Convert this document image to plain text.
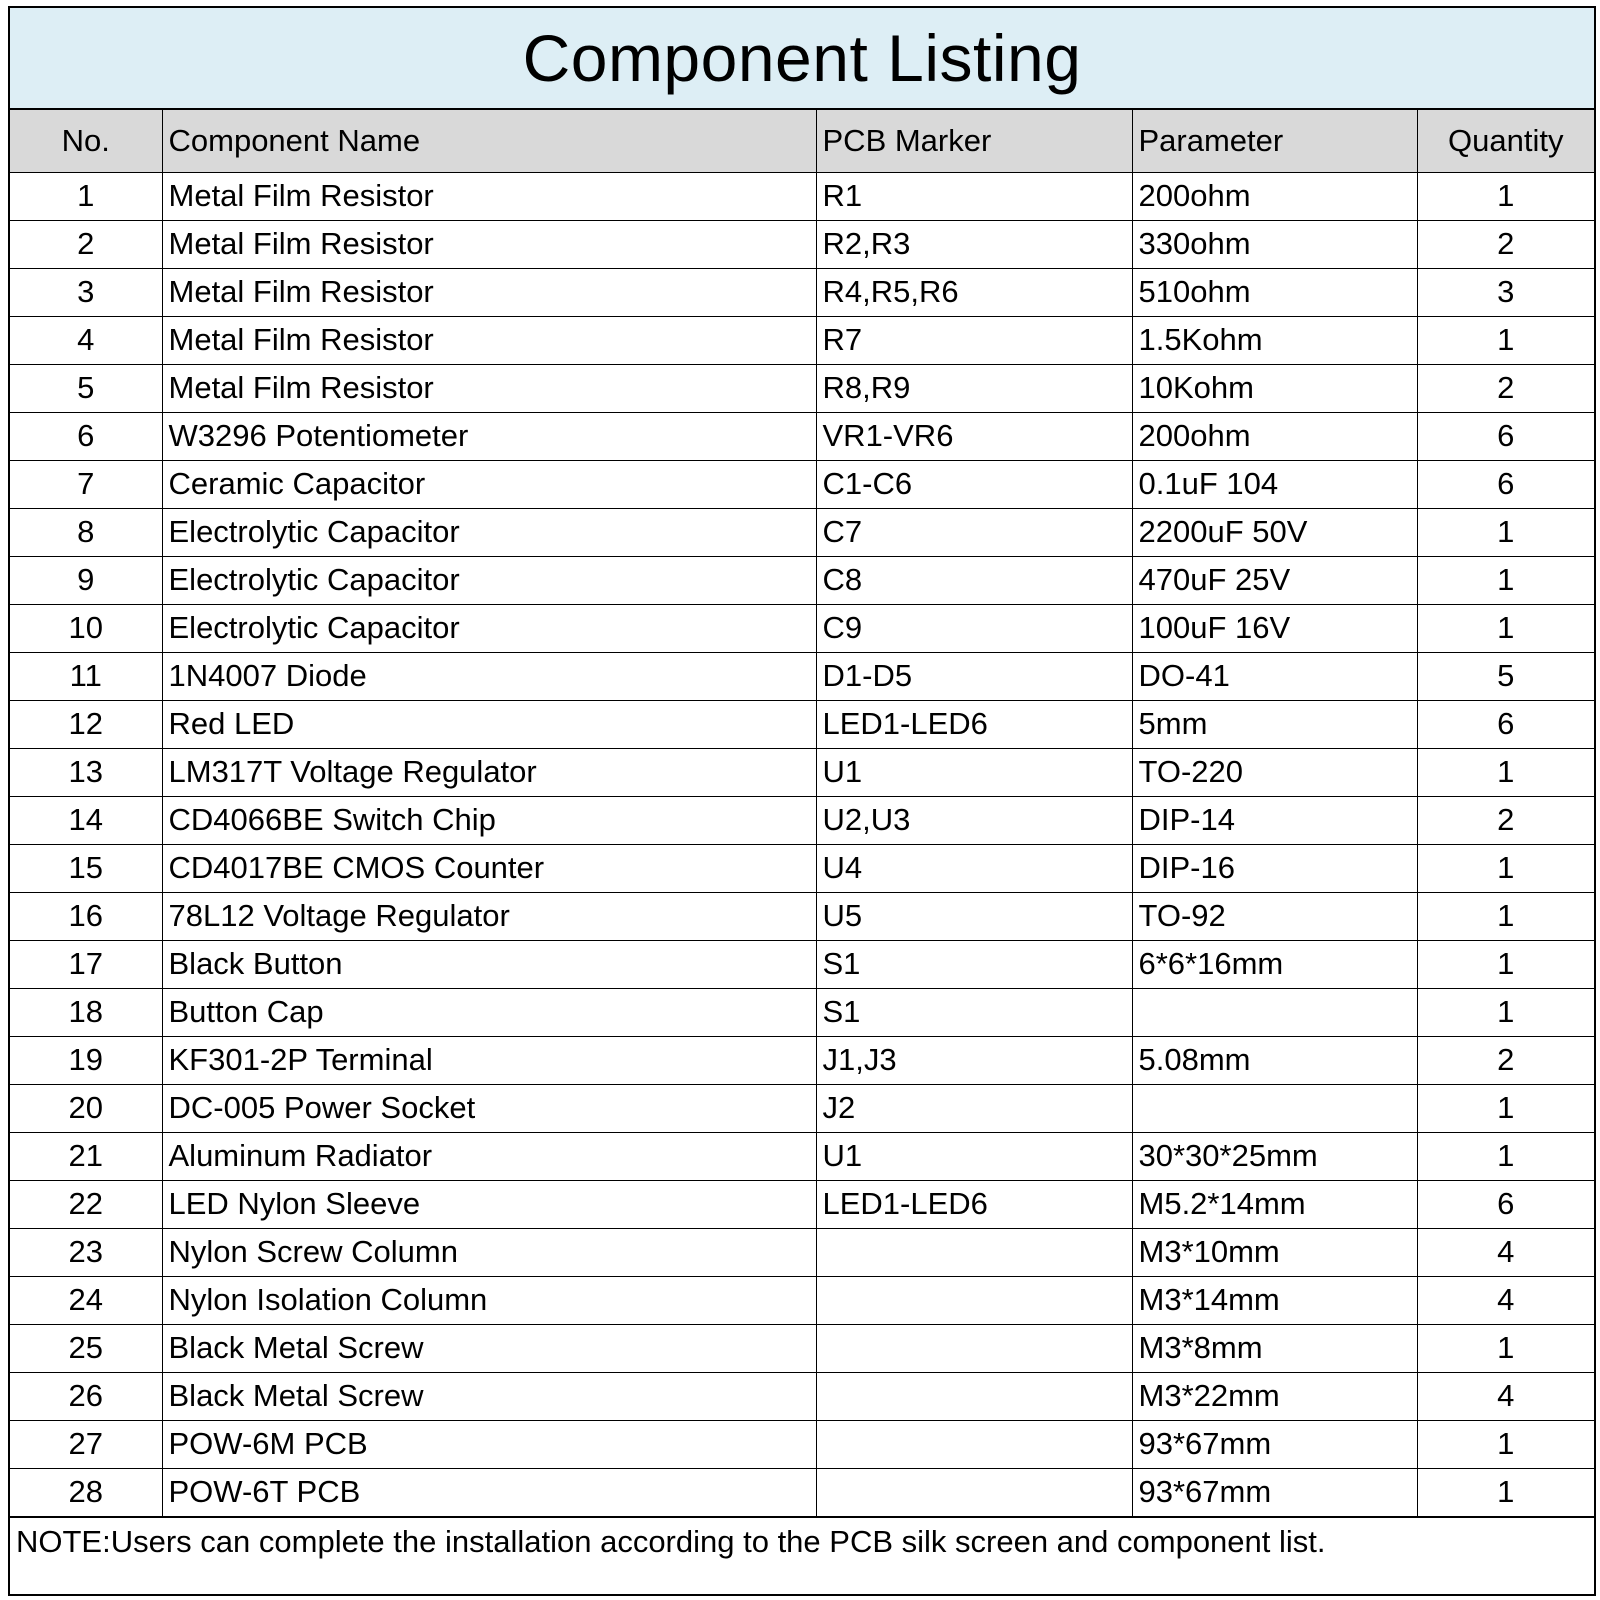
Component Listing
No.	Component Name	PCB Marker	Parameter	Quantity
1	Metal Film Resistor	R1	200ohm	1
2	Metal Film Resistor	R2,R3	330ohm	2
3	Metal Film Resistor	R4,R5,R6	510ohm	3
4	Metal Film Resistor	R7	1.5Kohm	1
5	Metal Film Resistor	R8,R9	10Kohm	2
6	W3296 Potentiometer	VR1-VR6	200ohm	6
7	Ceramic Capacitor	C1-C6	0.1uF 104	6
8	Electrolytic Capacitor	C7	2200uF 50V	1
9	Electrolytic Capacitor	C8	470uF 25V	1
10	Electrolytic Capacitor	C9	100uF 16V	1
11	1N4007 Diode	D1-D5	DO-41	5
12	Red LED	LED1-LED6	5mm	6
13	LM317T Voltage Regulator	U1	TO-220	1
14	CD4066BE Switch Chip	U2,U3	DIP-14	2
15	CD4017BE CMOS Counter	U4	DIP-16	1
16	78L12 Voltage Regulator	U5	TO-92	1
17	Black Button	S1	6*6*16mm	1
18	Button Cap	S1		1
19	KF301-2P Terminal	J1,J3	5.08mm	2
20	DC-005 Power Socket	J2		1
21	Aluminum Radiator	U1	30*30*25mm	1
22	LED Nylon Sleeve	LED1-LED6	M5.2*14mm	6
23	Nylon Screw Column		M3*10mm	4
24	Nylon Isolation Column		M3*14mm	4
25	Black Metal Screw		M3*8mm	1
26	Black Metal Screw		M3*22mm	4
27	POW-6M PCB		93*67mm	1
28	POW-6T PCB		93*67mm	1
NOTE:Users can complete the installation according to the PCB silk screen and component list.
